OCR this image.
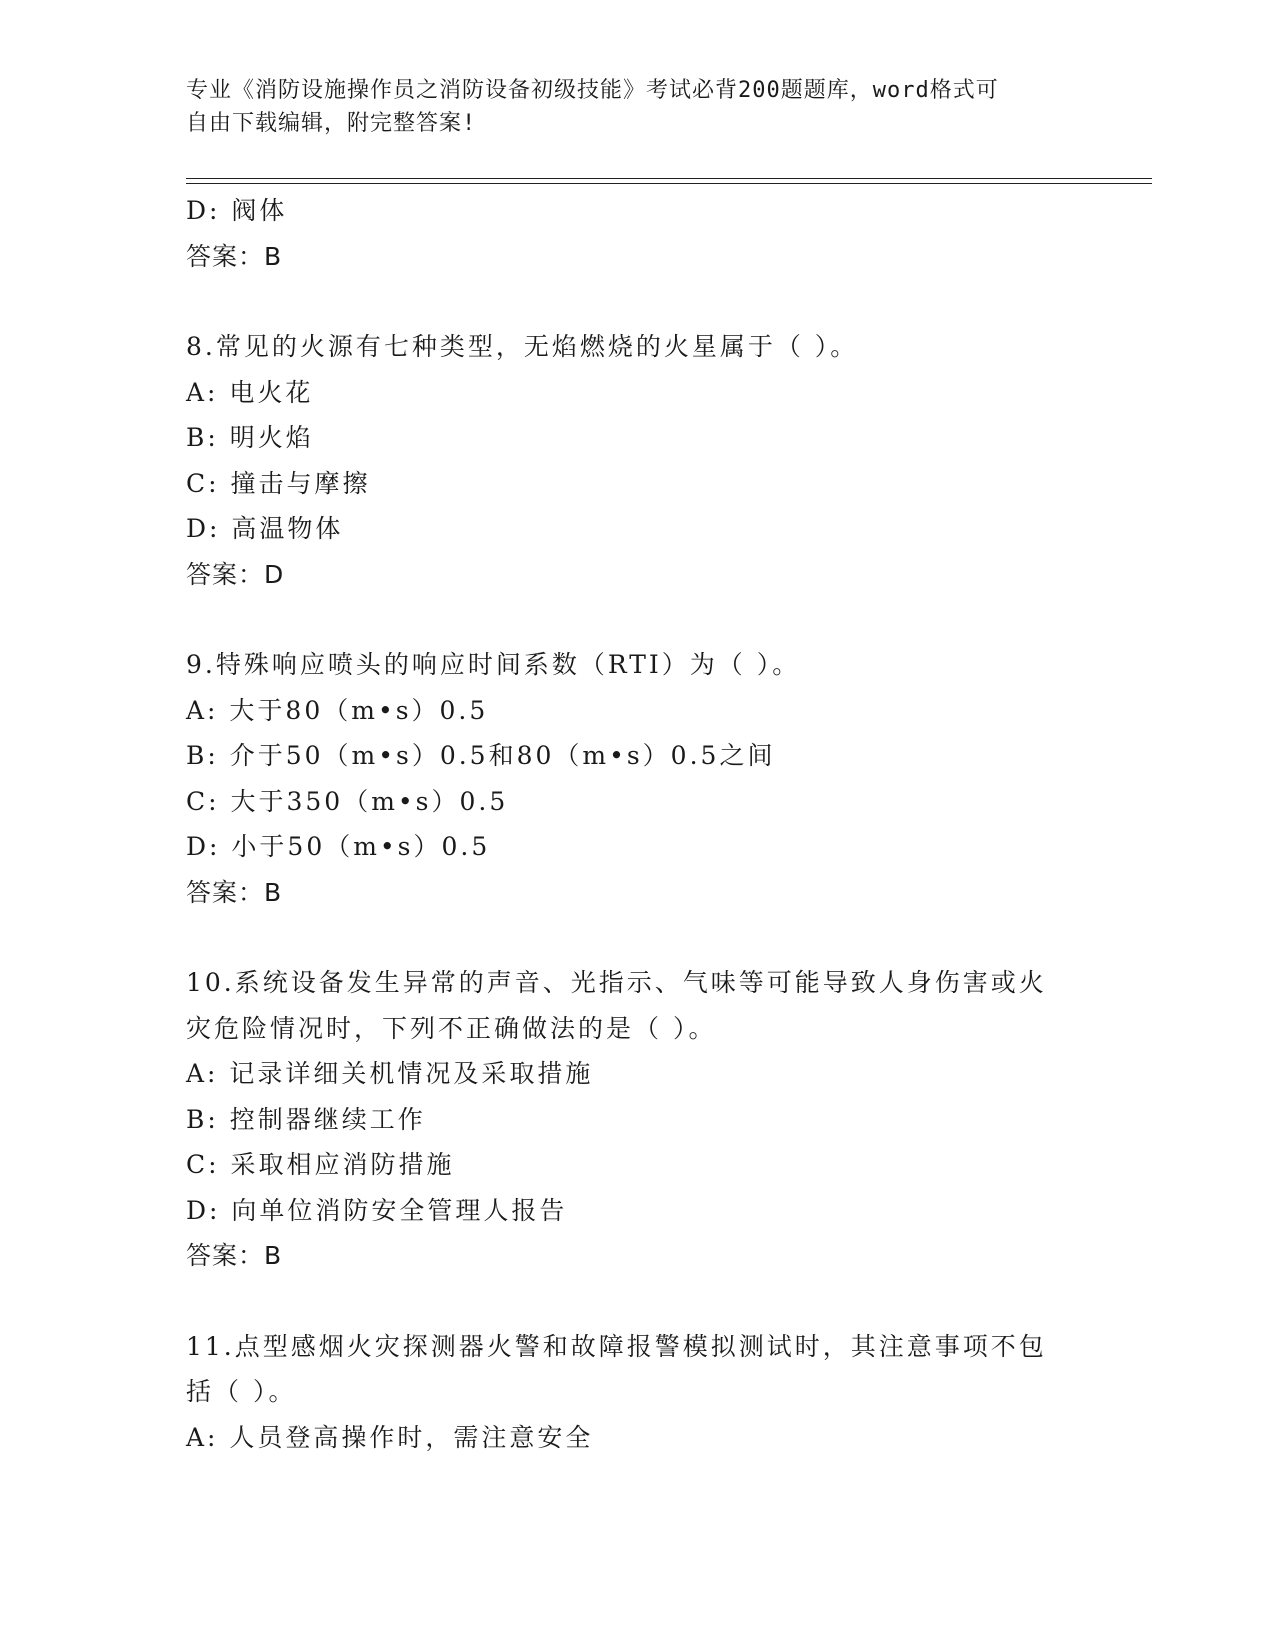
专业《消防设施操作员之消防设备初级技能》考试必背200题题库，word格式可
自由下载编辑，附完整答案!
D: 阀体
答案：B
8.常见的火源有七种类型，无焰燃烧的火星属于（ ）。
A: 电火花
B: 明火焰
C: 撞击与摩擦
D: 高温物体
答案：D
9.特殊响应喷头的响应时间系数（RTI）为（ ）。
A: 大于80（m•s）0.5
B: 介于50（m•s）0.5和80（m•s）0.5之间
C: 大于350（m•s）0.5
D: 小于50（m•s）0.5
答案：B
10.系统设备发生异常的声音、光指示、气味等可能导致人身伤害或火
灾危险情况时，下列不正确做法的是（ ）。
A: 记录详细关机情况及采取措施
B: 控制器继续工作
C: 采取相应消防措施
D: 向单位消防安全管理人报告
答案：B
11.点型感烟火灾探测器火警和故障报警模拟测试时，其注意事项不包
括（ ）。
A: 人员登高操作时，需注意安全
